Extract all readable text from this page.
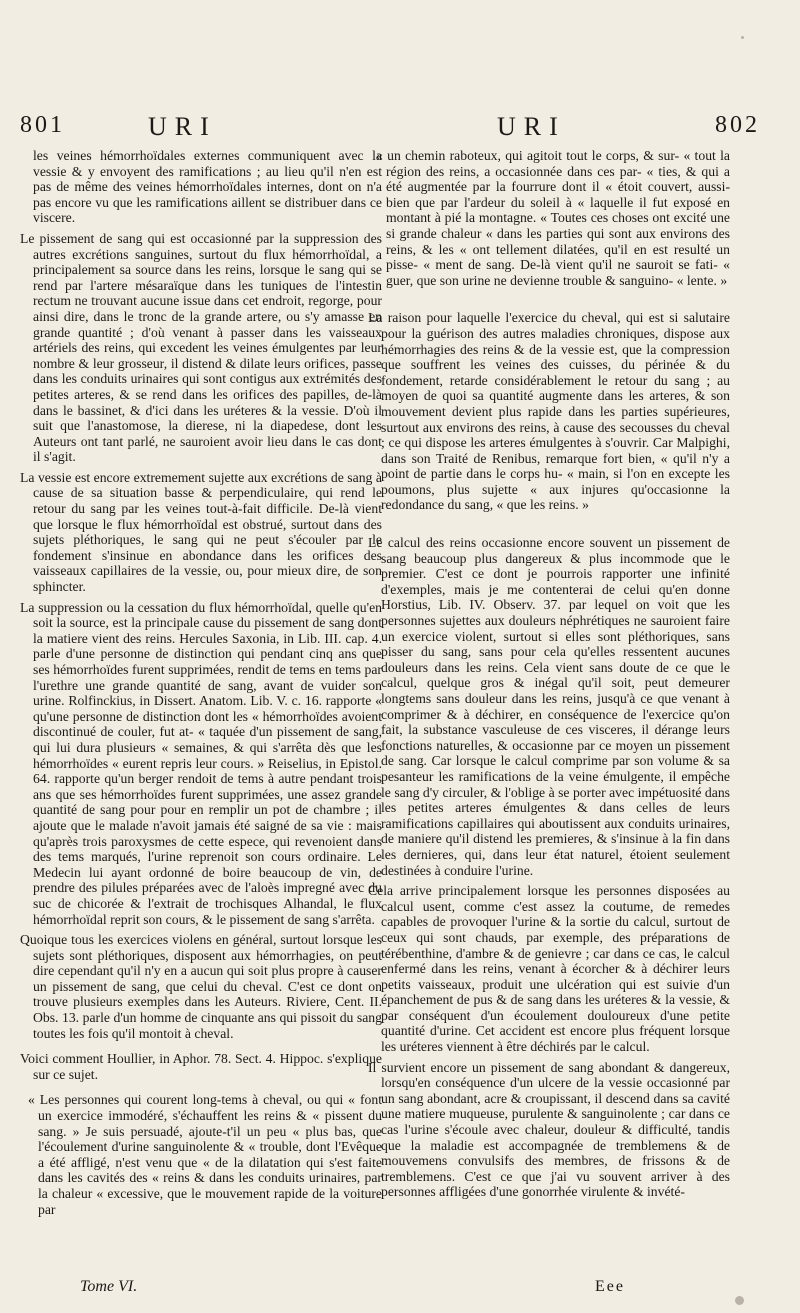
801	URI	URI	802

les veines hémorrhoïdales externes communiquent avec la vessie & y envoyent des ramifications ; au lieu qu'il n'en est pas de même des veines hémorrhoïdales internes, dont on n'a pas encore vu que les ramifications aillent se distribuer dans ce viscere.

Le pissement de sang qui est occasionné par la suppression des autres excrétions sanguines, surtout du flux hémorrhoïdal, a principalement sa source dans les reins, lorsque le sang qui se rend par l'artere mésaraïque dans les tuniques de l'intestin rectum ne trouvant aucune issue dans cet endroit, regorge, pour ainsi dire, dans le tronc de la grande artere, ou s'y amasse en grande quantité ; d'où venant à passer dans les vaisseaux artériels des reins, qui excedent les veines émulgentes par leur nombre & leur grosseur, il distend & dilate leurs orifices, passe dans les conduits urinaires qui sont contigus aux extrémités des petites arteres, & se rend dans les orifices des papilles, de-là dans le bassinet, & d'ici dans les uréteres & la vessie. D'où il suit que l'anastomose, la dierese, ni la diapedese, dont les Auteurs ont tant parlé, ne sauroient avoir lieu dans le cas dont il s'agit.

La vessie est encore extremement sujette aux excrétions de sang à cause de sa situation basse & perpendiculaire, qui rend le retour du sang par les veines tout-à-fait difficile. De-là vient que lorsque le flux hémorrhoïdal est obstrué, surtout dans des sujets pléthoriques, le sang qui ne peut s'écouler par le fondement s'insinue en abondance dans les orifices des vaisseaux capillaires de la vessie, ou, pour mieux dire, de son sphincter.

La suppression ou la cessation du flux hémorrhoïdal, quelle qu'en soit la source, est la principale cause du pissement de sang dont la matiere vient des reins. Hercules Saxonia, in Lib. III. cap. 4. parle d'une personne de distinction qui pendant cinq ans que ses hémorrhoïdes furent supprimées, rendit de tems en tems par l'urethre une grande quantité de sang, avant de vuider son urine. Rolfinckius, in Dissert. Anatom. Lib. V. c. 16. rapporte « qu'une personne de distinction dont les « hémorrhoïdes avoient discontinué de couler, fut at- « taquée d'un pissement de sang, qui lui dura plusieurs « semaines, & qui s'arrêta dès que les hémorrhoïdes « eurent repris leur cours. » Reiselius, in Epistol. 64. rapporte qu'un berger rendoit de tems à autre pendant trois ans que ses hémorrhoïdes furent supprimées, une assez grande quantité de sang pour pour en remplir un pot de chambre ; il ajoute que le malade n'avoit jamais été saigné de sa vie : mais qu'après trois paroxysmes de cette espece, qui revenoient dans des tems marqués, l'urine reprenoit son cours ordinaire. Le Medecin lui ayant ordonné de boire beaucoup de vin, de prendre des pilules préparées avec de l'aloès impregné avec du suc de chicorée & l'extrait de trochisques Alhandal, le flux hémorrhoïdal reprit son cours, & le pissement de sang s'arrêta.

Quoique tous les exercices violens en général, surtout lorsque les sujets sont pléthoriques, disposent aux hémorrhagies, on peut dire cependant qu'il n'y en a aucun qui soit plus propre à causer un pissement de sang, que celui du cheval. C'est ce dont on trouve plusieurs exemples dans les Auteurs. Riviere, Cent. II. Obs. 13. parle d'un homme de cinquante ans qui pissoit du sang toutes les fois qu'il montoit à cheval.

Voici comment Houllier, in Aphor. 78. Sect. 4. Hippoc. s'explique sur ce sujet.

« Les personnes qui courent long-tems à cheval, ou qui « font un exercice immodéré, s'échauffent les reins & « pissent du sang. » Je suis persuadé, ajoute-t'il un peu « plus bas, que l'écoulement d'urine sanguinolente & « trouble, dont l'Evêque a été affligé, n'est venu que « de la dilatation qui s'est faite dans les cavités des « reins & dans les conduits urinaires, par la chaleur « excessive, que le mouvement rapide de la voiture par

« un chemin raboteux, qui agitoit tout le corps, & sur- « tout la région des reins, a occasionnée dans ces par- « ties, & qui a été augmentée par la fourrure dont il « étoit couvert, aussi-bien que par l'ardeur du soleil à « laquelle il fut exposé en montant à pié la montagne. « Toutes ces choses ont excité une si grande chaleur « dans les parties qui sont aux environs des reins, & les « ont tellement dilatées, qu'il en est resulté un pisse- « ment de sang. De-là vient qu'il ne sauroit se fati- « guer, que son urine ne devienne trouble & sanguino- « lente. »

La raison pour laquelle l'exercice du cheval, qui est si salutaire pour la guérison des autres maladies chroniques, dispose aux hémorrhagies des reins & de la vessie est, que la compression que souffrent les veines des cuisses, du périnée & du fondement, retarde considérablement le retour du sang ; au moyen de quoi sa quantité augmente dans les arteres, & son mouvement devient plus rapide dans les parties supérieures, surtout aux environs des reins, à cause des secousses du cheval ; ce qui dispose les arteres émulgentes à s'ouvrir. Car Malpighi, dans son Traité de Renibus, remarque fort bien, « qu'il n'y a point de partie dans le corps hu- « main, si l'on en excepte les poumons, plus sujette « aux injures qu'occasionne la redondance du sang, « que les reins. »

Le calcul des reins occasionne encore souvent un pissement de sang beaucoup plus dangereux & plus incommode que le premier. C'est ce dont je pourrois rapporter une infinité d'exemples, mais je me contenterai de celui qu'en donne Horstius, Lib. IV. Observ. 37. par lequel on voit que les personnes sujettes aux douleurs néphrétiques ne sauroient faire un exercice violent, surtout si elles sont pléthoriques, sans pisser du sang, sans pour cela qu'elles ressentent aucunes douleurs dans les reins. Cela vient sans doute de ce que le calcul, quelque gros & inégal qu'il soit, peut demeurer longtems sans douleur dans les reins, jusqu'à ce que venant à comprimer & à déchirer, en conséquence de l'exercice qu'on fait, la substance vasculeuse de ces visceres, il dérange leurs fonctions naturelles, & occasionne par ce moyen un pissement de sang. Car lorsque le calcul comprime par son volume & sa pesanteur les ramifications de la veine émulgente, il empêche le sang d'y circuler, & l'oblige à se porter avec impétuosité dans les petites arteres émulgentes & dans celles de leurs ramifications capillaires qui aboutissent aux conduits urinaires, de maniere qu'il distend les premieres, & s'insinue à la fin dans les dernieres, qui, dans leur état naturel, étoient seulement destinées à conduire l'urine.

Cela arrive principalement lorsque les personnes disposées au calcul usent, comme c'est assez la coutume, de remedes capables de provoquer l'urine & la sortie du calcul, surtout de ceux qui sont chauds, par exemple, des préparations de térébenthine, d'ambre & de genievre ; car dans ce cas, le calcul enfermé dans les reins, venant à écorcher & à déchirer leurs petits vaisseaux, produit une ulcération qui est suivie d'un épanchement de pus & de sang dans les uréteres & la vessie, & par conséquent d'un écoulement douloureux d'une petite quantité d'urine. Cet accident est encore plus fréquent lorsque les uréteres viennent à être déchirés par le calcul.

Il survient encore un pissement de sang abondant & dangereux, lorsqu'en conséquence d'un ulcere de la vessie occasionné par un sang abondant, acre & croupissant, il descend dans sa cavité une matiere muqueuse, purulente & sanguinolente ; car dans ce cas l'urine s'écoule avec chaleur, douleur & difficulté, tandis que la maladie est accompagnée de tremblemens & de mouvemens convulsifs des membres, de frissons & de tremblemens. C'est ce que j'ai vu souvent arriver à des personnes affligées d'une gonorrhée virulente & invété-

Tome VI.	Eee
